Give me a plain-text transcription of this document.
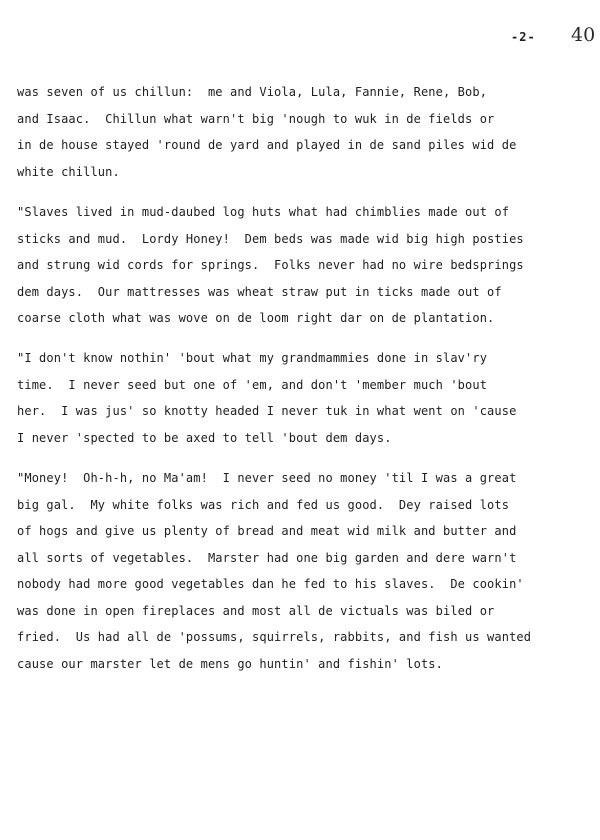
-2- 40
was seven of us chillun:  me and Viola, Lula, Fannie, Rene, Bob,
and Isaac.  Chillun what warn't big 'nough to wuk in de fields or
in de house stayed 'round de yard and played in de sand piles wid de
white chillun.
"Slaves lived in mud-daubed log huts what had chimblies made out of
sticks and mud.  Lordy Honey!  Dem beds was made wid big high posties
and strung wid cords for springs.  Folks never had no wire bedsprings
dem days.  Our mattresses was wheat straw put in ticks made out of
coarse cloth what was wove on de loom right dar on de plantation.
"I don't know nothin' 'bout what my grandmammies done in slav'ry
time.  I never seed but one of 'em, and don't 'member much 'bout
her.  I was jus' so knotty headed I never tuk in what went on 'cause
I never 'spected to be axed to tell 'bout dem days.
"Money!  Oh-h-h, no Ma'am!  I never seed no money 'til I was a great
big gal.  My white folks was rich and fed us good.  Dey raised lots
of hogs and give us plenty of bread and meat wid milk and butter and
all sorts of vegetables.  Marster had one big garden and dere warn't
nobody had more good vegetables dan he fed to his slaves.  De cookin'
was done in open fireplaces and most all de victuals was biled or
fried.  Us had all de 'possums, squirrels, rabbits, and fish us wanted
cause our marster let de mens go huntin' and fishin' lots.
